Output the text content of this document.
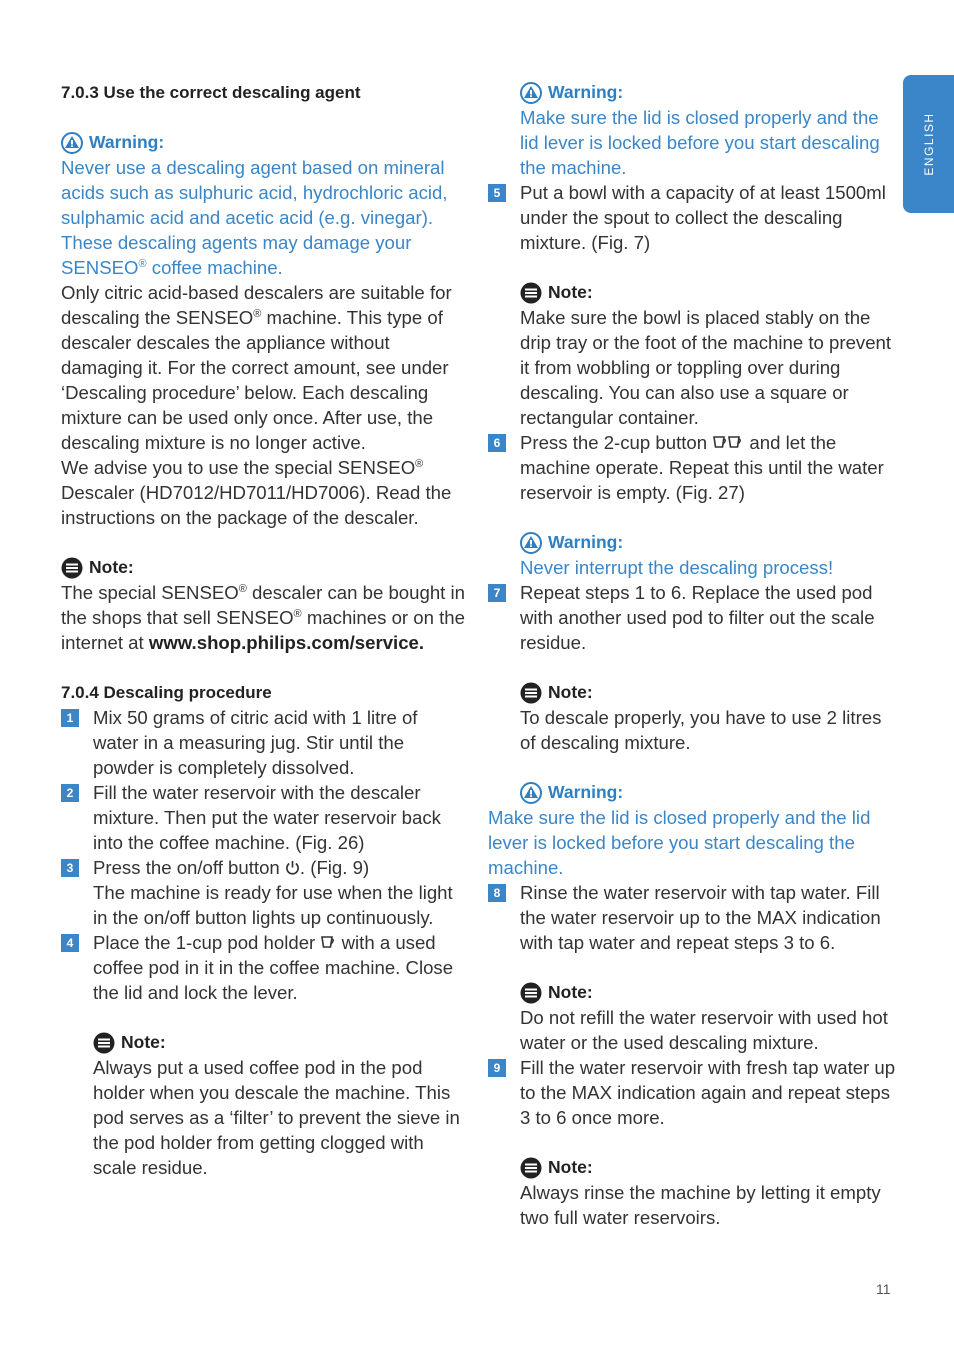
ENGLISH
7.0.3 Use the correct descaling agent
Warning:
Never use a descaling agent based on mineral acids such as sulphuric acid, hydrochloric acid, sulphamic acid and acetic acid (e.g. vinegar). These descaling agents may damage your SENSEO® coffee machine.
Only citric acid-based descalers are suitable for descaling the SENSEO® machine. This type of descaler descales the appliance without damaging it. For the correct amount, see under ‘Descaling procedure’ below. Each descaling mixture can be used only once. After use, the descaling mixture is no longer active.
We advise you to use the special SENSEO® Descaler (HD7012/HD7011/HD7006). Read the instructions on the package of the descaler.
Note:
The special SENSEO® descaler can be bought in the shops that sell SENSEO® machines or on the internet at www.shop.philips.com/service.
7.0.4 Descaling procedure
1	Mix 50 grams of citric acid with 1 litre of water in a measuring jug. Stir until the powder is completely dissolved.
2	Fill the water reservoir with the descaler mixture. Then put the water reservoir back into the coffee machine. (Fig. 26)
3	Press the on/off button . (Fig. 9)
The machine is ready for use when the light in the on/off button lights up continuously.
4	Place the 1-cup pod holder  with a used coffee pod in it in the coffee machine. Close the lid and lock the lever.
Note:
Always put a used coffee pod in the pod holder when you descale the machine. This pod serves as a ‘filter’ to prevent the sieve in the pod holder from getting clogged with scale residue.
Warning:
Make sure the lid is closed properly and the lid lever is locked before you start descaling the machine.
5	Put a bowl with a capacity of at least 1500ml under the spout to collect the descaling mixture. (Fig. 7)
Note:
Make sure the bowl is placed stably on the drip tray or the foot of the machine to prevent it from wobbling or toppling over during descaling. You can also use a square or rectangular container.
6	Press the 2-cup button  and let the machine operate. Repeat this until the water reservoir is empty. (Fig. 27)
Warning:
Never interrupt the descaling process!
7	Repeat steps 1 to 6. Replace the used pod with another used pod to filter out the scale residue.
Note:
To descale properly, you have to use 2 litres of descaling mixture.
Warning:
Make sure the lid is closed properly and the lid lever is locked before you start descaling the machine.
8	Rinse the water reservoir with tap water. Fill the water reservoir up to the MAX indication with tap water and repeat steps 3 to 6.
Note:
Do not refill the water reservoir with used hot water or the used descaling mixture.
9	Fill the water reservoir with fresh tap water up to the MAX indication again and repeat steps 3 to 6 once more.
Note:
Always rinse the machine by letting it empty two full water reservoirs.
11
